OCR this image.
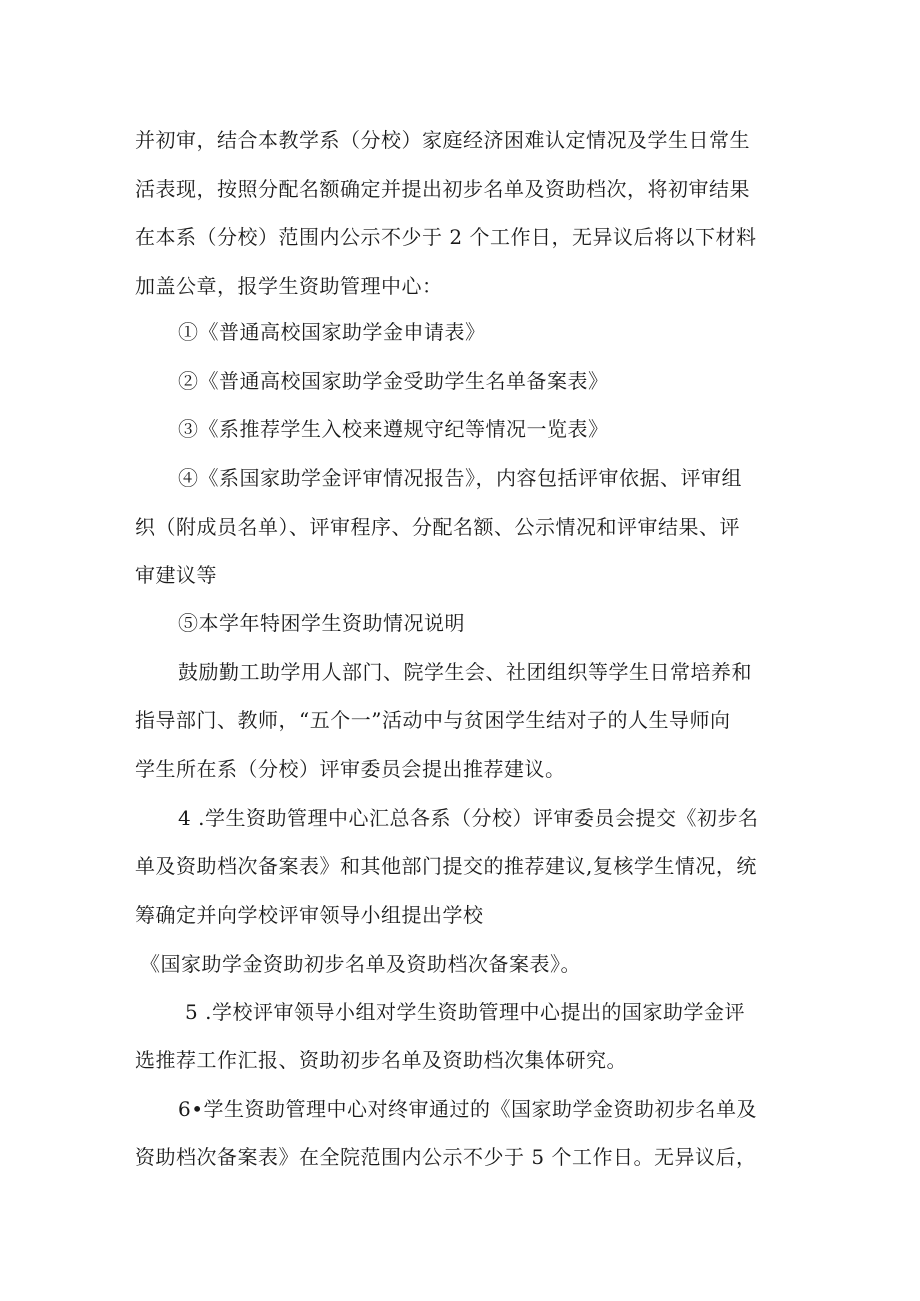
并初审，结合本教学系（分校）家庭经济困难认定情况及学生日常生
活表现，按照分配名额确定并提出初步名单及资助档次，将初审结果
在本系（分校）范围内公示不少于 2 个工作日，无异议后将以下材料
加盖公章，报学生资助管理中心：
①《普通高校国家助学金申请表》
②《普通高校国家助学金受助学生名单备案表》
③《系推荐学生入校来遵规守纪等情况一览表》
④《系国家助学金评审情况报告》，内容包括评审依据、评审组
织（附成员名单）、评审程序、分配名额、公示情况和评审结果、评
审建议等
⑤本学年特困学生资助情况说明
鼓励勤工助学用人部门、院学生会、社团组织等学生日常培养和
指导部门、教师，“五个一”活动中与贫困学生结对子的人生导师向
学生所在系（分校）评审委员会提出推荐建议。
4 .学生资助管理中心汇总各系（分校）评审委员会提交《初步名
单及资助档次备案表》和其他部门提交的推荐建议,复核学生情况，统
筹确定并向学校评审领导小组提出学校
《国家助学金资助初步名单及资助档次备案表》。
5 .学校评审领导小组对学生资助管理中心提出的国家助学金评
选推荐工作汇报、资助初步名单及资助档次集体研究。
6•学生资助管理中心对终审通过的《国家助学金资助初步名单及
资助档次备案表》在全院范围内公示不少于 5 个工作日。无异议后，
